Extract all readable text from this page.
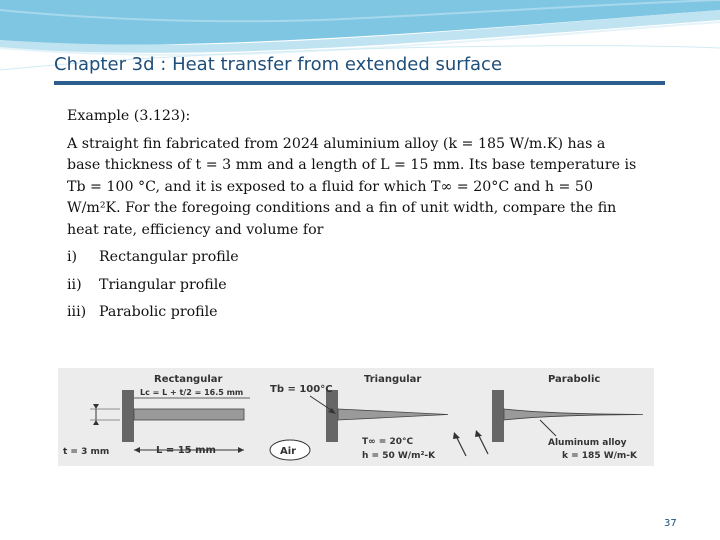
Chapter 3d : Heat transfer from extended surface
Example (3.123):

A straight fin fabricated from 2024 aluminium alloy (k = 185 W/m.K) has a base thickness of t = 3 mm and a length of L = 15 mm. Its base temperature is Tb = 100 °C, and it is exposed to a fluid for which T∞ = 20°C and h = 50 W/m²K. For the foregoing conditions and a fin of unit width, compare the fin heat rate, efficiency and volume for

i)	Rectangular profile
ii)	Triangular profile
iii) Parabolic profile
Rectangular
Lc = L + t/2 = 16.5 mm	Tb = 100°C
Triangular	Parabolic
t = 3 mm	L = 15 mm	Air
T∞ = 20°C
h = 50 W/m²-K
Aluminum alloy
k = 185 W/m-K
37
